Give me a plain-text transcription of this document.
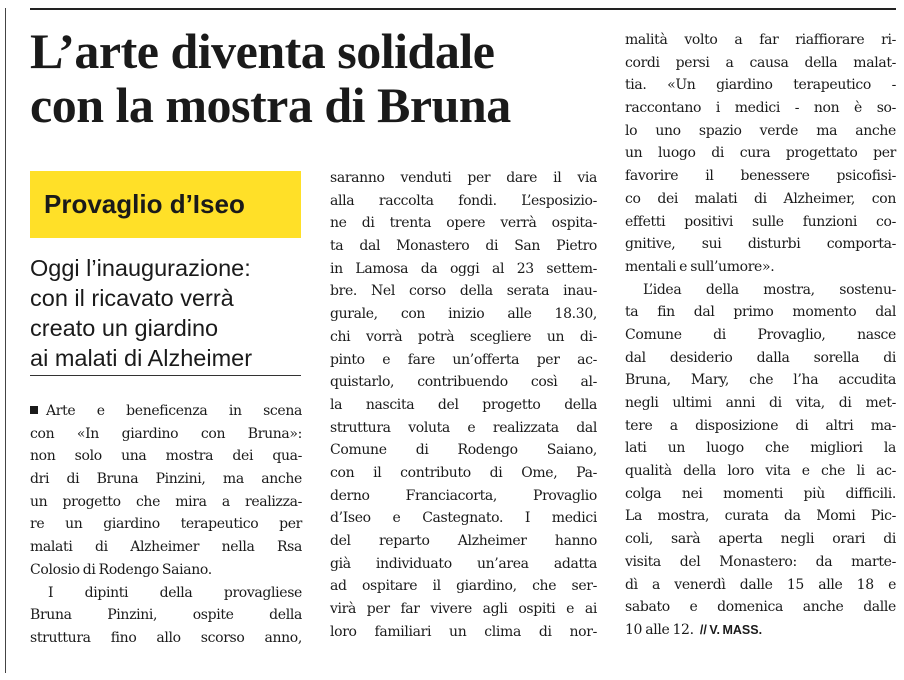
L’arte diventa solidale
con la mostra di Bruna
Provaglio d’Iseo
Oggi l’inaugurazione:
con il ricavato verrà
creato un giardino
ai malati di Alzheimer
Arte e beneficenza in scena
con «In giardino con Bruna»:
non solo una mostra dei qua-
dri di Bruna Pinzini, ma anche
un progetto che mira a realizza-
re un giardino terapeutico per
malati di Alzheimer nella Rsa
Colosio di Rodengo Saiano.
I dipinti della provagliese
Bruna Pinzini, ospite della
struttura fino allo scorso anno,
saranno venduti per dare il via
alla raccolta fondi. L’esposizio-
ne di trenta opere verrà ospita-
ta dal Monastero di San Pietro
in Lamosa da oggi al 23 settem-
bre. Nel corso della serata inau-
gurale, con inizio alle 18.30,
chi vorrà potrà scegliere un di-
pinto e fare un’offerta per ac-
quistarlo, contribuendo così al-
la nascita del progetto della
struttura voluta e realizzata dal
Comune di Rodengo Saiano,
con il contributo di Ome, Pa-
derno Franciacorta, Provaglio
d’Iseo e Castegnato. I medici
del reparto Alzheimer hanno
già individuato un’area adatta
ad ospitare il giardino, che ser-
virà per far vivere agli ospiti e ai
loro familiari un clima di nor-
malità volto a far riaffiorare ri-
cordi persi a causa della malat-
tia. «Un giardino terapeutico -
raccontano i medici - non è so-
lo uno spazio verde ma anche
un luogo di cura progettato per
favorire il benessere psicofisi-
co dei malati di Alzheimer, con
effetti positivi sulle funzioni co-
gnitive, sui disturbi comporta-
mentali e sull’umore».
L’idea della mostra, sostenu-
ta fin dal primo momento dal
Comune di Provaglio, nasce
dal desiderio dalla sorella di
Bruna, Mary, che l’ha accudita
negli ultimi anni di vita, di met-
tere a disposizione di altri ma-
lati un luogo che migliori la
qualità della loro vita e che li ac-
colga nei momenti più difficili.
La mostra, curata da Momi Pic-
coli, sarà aperta negli orari di
visita del Monastero: da marte-
dì a venerdì dalle 15 alle 18 e
sabato e domenica anche dalle
10 alle 12. // V. MASS.
